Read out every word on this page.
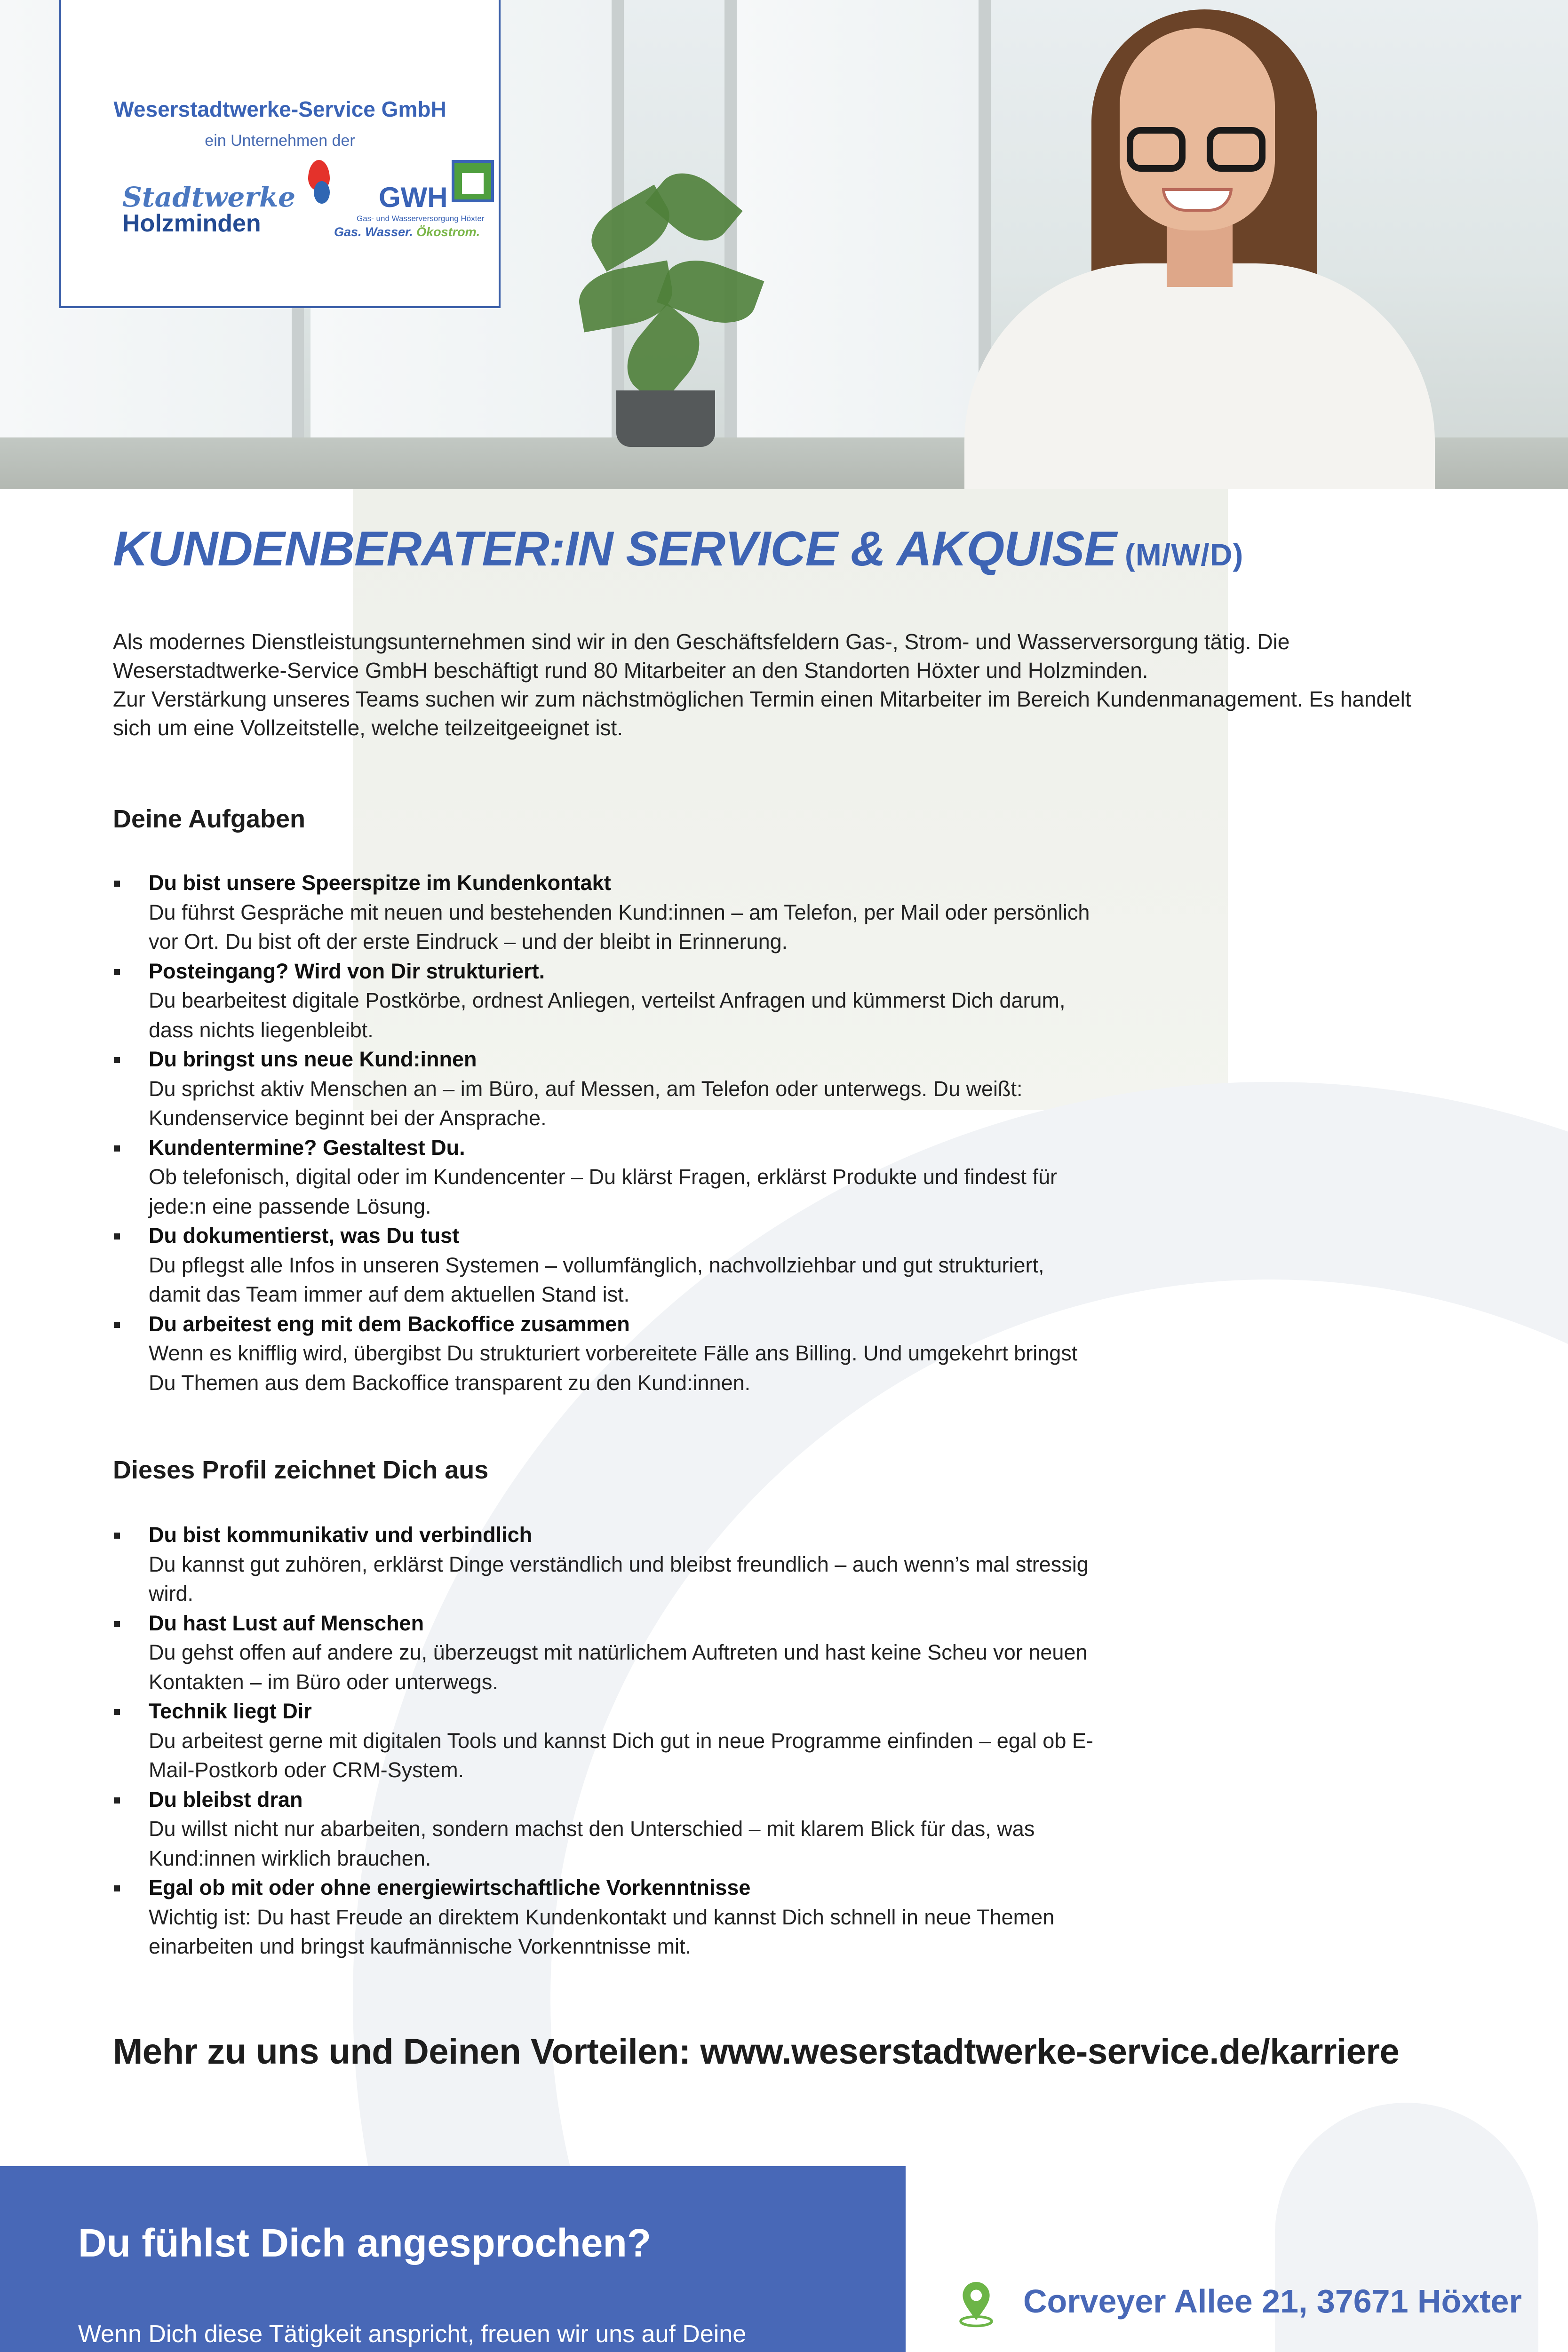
Weserstadtwerke-Service GmbH
ein Unternehmen der
Stadtwerke
Holzminden
GWH
Gas- und Wasserversorgung Höxter
Gas. Wasser. Ökostrom.
KUNDENBERATER:IN SERVICE & AKQUISE (M/W/D)

Als modernes Dienstleistungsunternehmen sind wir in den Geschäftsfeldern Gas-, Strom- und Wasserversorgung tätig. Die Weserstadtwerke-Service GmbH beschäftigt rund 80 Mitarbeiter an den Standorten Höxter und Holzminden.

Zur Verstärkung unseres Teams suchen wir zum nächstmöglichen Termin einen Mitarbeiter im Bereich Kundenmanagement. Es handelt sich um eine Vollzeitstelle, welche teilzeitgeeignet ist.

Deine Aufgaben
Du bist unsere Speerspitze im Kundenkontakt
Du führst Gespräche mit neuen und bestehenden Kund:innen – am Telefon, per Mail oder persönlich vor Ort. Du bist oft der erste Eindruck – und der bleibt in Erinnerung.
Posteingang? Wird von Dir strukturiert.
Du bearbeitest digitale Postkörbe, ordnest Anliegen, verteilst Anfragen und kümmerst Dich darum, dass nichts liegenbleibt.
Du bringst uns neue Kund:innen
Du sprichst aktiv Menschen an – im Büro, auf Messen, am Telefon oder unterwegs. Du weißt: Kundenservice beginnt bei der Ansprache.
Kundentermine? Gestaltest Du.
Ob telefonisch, digital oder im Kundencenter – Du klärst Fragen, erklärst Produkte und findest für jede:n eine passende Lösung.
Du dokumentierst, was Du tust
Du pflegst alle Infos in unseren Systemen – vollumfänglich, nachvollziehbar und gut strukturiert, damit das Team immer auf dem aktuellen Stand ist.
Du arbeitest eng mit dem Backoffice zusammen
Wenn es knifflig wird, übergibst Du strukturiert vorbereitete Fälle ans Billing. Und umgekehrt bringst Du Themen aus dem Backoffice transparent zu den Kund:innen.
Dieses Profil zeichnet Dich aus
Du bist kommunikativ und verbindlich
Du kannst gut zuhören, erklärst Dinge verständlich und bleibst freundlich – auch wenn’s mal stressig wird.
Du hast Lust auf Menschen
Du gehst offen auf andere zu, überzeugst mit natürlichem Auftreten und hast keine Scheu vor neuen Kontakten – im Büro oder unterwegs.
Technik liegt Dir
Du arbeitest gerne mit digitalen Tools und kannst Dich gut in neue Programme einfinden – egal ob E-Mail-Postkorb oder CRM-System.
Du bleibst dran
Du willst nicht nur abarbeiten, sondern machst den Unterschied – mit klarem Blick für das, was Kund:innen wirklich brauchen.
Egal ob mit oder ohne energiewirtschaftliche Vorkenntnisse
Wichtig ist: Du hast Freude an direktem Kundenkontakt und kannst Dich schnell in neue Themen einarbeiten und bringst kaufmännische Vorkenntnisse mit.
Mehr zu uns und Deinen Vorteilen: www.weserstadtwerke-service.de/karriere
Du fühlst Dich angesprochen?
Wenn Dich diese Tätigkeit anspricht, freuen wir uns auf Deine
Corveyer Allee 21, 37671 Höxter
